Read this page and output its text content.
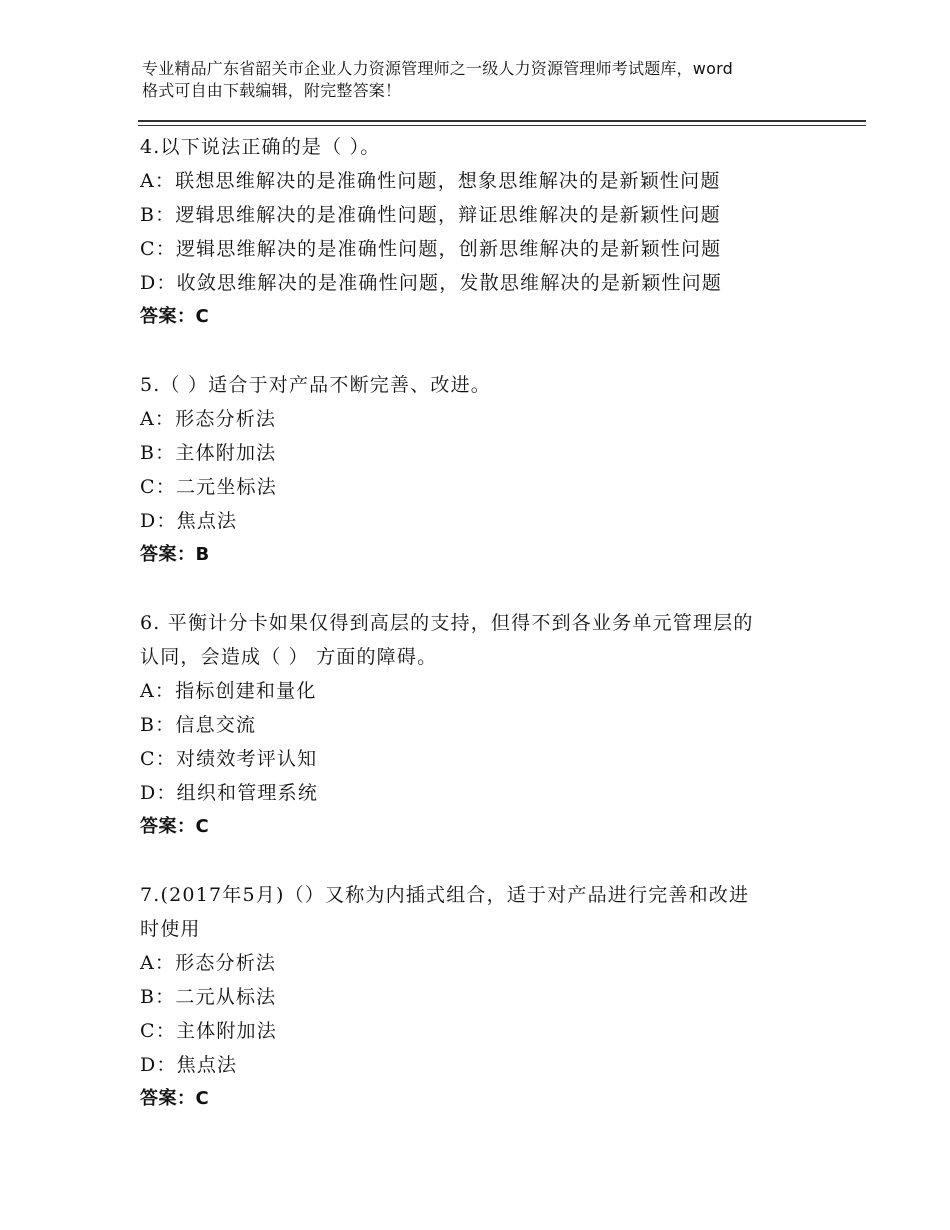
专业精品广东省韶关市企业人力资源管理师之一级人力资源管理师考试题库，word
格式可自由下载编辑，附完整答案！
4.以下说法正确的是（ ）。
A：联想思维解决的是准确性问题，想象思维解决的是新颖性问题
B：逻辑思维解决的是准确性问题，辩证思维解决的是新颖性问题
C：逻辑思维解决的是准确性问题，创新思维解决的是新颖性问题
D：收敛思维解决的是准确性问题，发散思维解决的是新颖性问题
答案：C
5.（ ）适合于对产品不断完善、改进。
A：形态分析法
B：主体附加法
C：二元坐标法
D：焦点法
答案：B
6. 平衡计分卡如果仅得到高层的支持，但得不到各业务单元管理层的
认同，会造成（ ） 方面的障碍。
A：指标创建和量化
B：信息交流
C：对绩效考评认知
D：组织和管理系统
答案：C
7.(2017年5月)（）又称为内插式组合，适于对产品进行完善和改进
时使用
A：形态分析法
B：二元从标法
C：主体附加法
D：焦点法
答案：C
